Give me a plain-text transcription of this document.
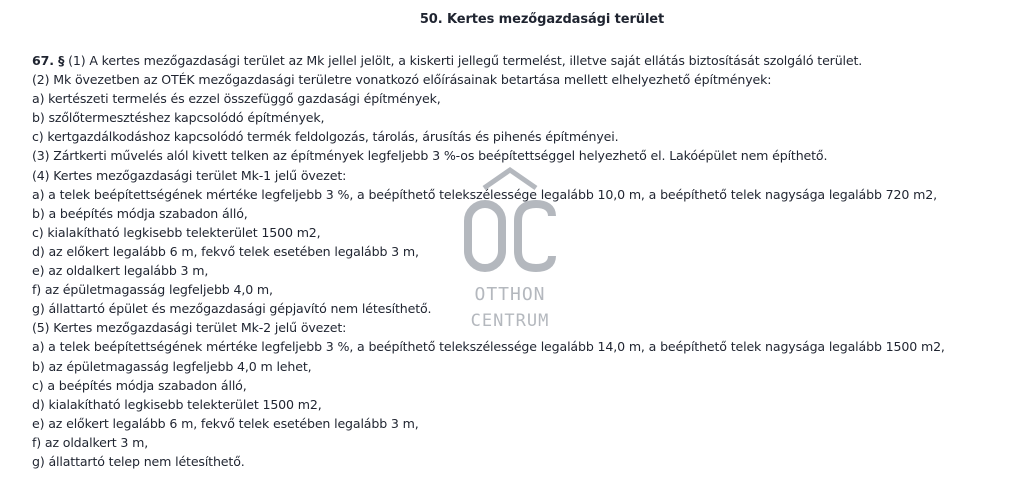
50. Kertes mezőgazdasági terület
67. § (1) A kertes mezőgazdasági terület az Mk jellel jelölt, a kiskerti jellegű termelést, illetve saját ellátás biztosítását szolgáló terület.
(2) Mk övezetben az OTÉK mezőgazdasági területre vonatkozó előírásainak betartása mellett elhelyezhető építmények:
a) kertészeti termelés és ezzel összefüggő gazdasági építmények,
b) szőlőtermesztéshez kapcsolódó építmények,
c) kertgazdálkodáshoz kapcsolódó termék feldolgozás, tárolás, árusítás és pihenés építményei.
(3) Zártkerti művelés alól kivett telken az építmények legfeljebb 3 %-os beépítettséggel helyezhető el. Lakóépület nem építhető.
(4) Kertes mezőgazdasági terület Mk-1 jelű övezet:
a) a telek beépítettségének mértéke legfeljebb 3 %, a beépíthető telekszélessége legalább 10,0 m, a beépíthető telek nagysága legalább 720 m2,
b) a beépítés módja szabadon álló,
c) kialakítható legkisebb telekterület 1500 m2,
d) az előkert legalább 6 m, fekvő telek esetében legalább 3 m,
e) az oldalkert legalább 3 m,
f) az épületmagasság legfeljebb 4,0 m,
g) állattartó épület és mezőgazdasági gépjavító nem létesíthető.
(5) Kertes mezőgazdasági terület Mk-2 jelű övezet:
a) a telek beépítettségének mértéke legfeljebb 3 %, a beépíthető telekszélessége legalább 14,0 m, a beépíthető telek nagysága legalább 1500 m2,
b) az épületmagasság legfeljebb 4,0 m lehet,
c) a beépítés módja szabadon álló,
d) kialakítható legkisebb telekterület 1500 m2,
e) az előkert legalább 6 m, fekvő telek esetében legalább 3 m,
f) az oldalkert 3 m,
g) állattartó telep nem létesíthető.
OTTHON
CENTRUM
